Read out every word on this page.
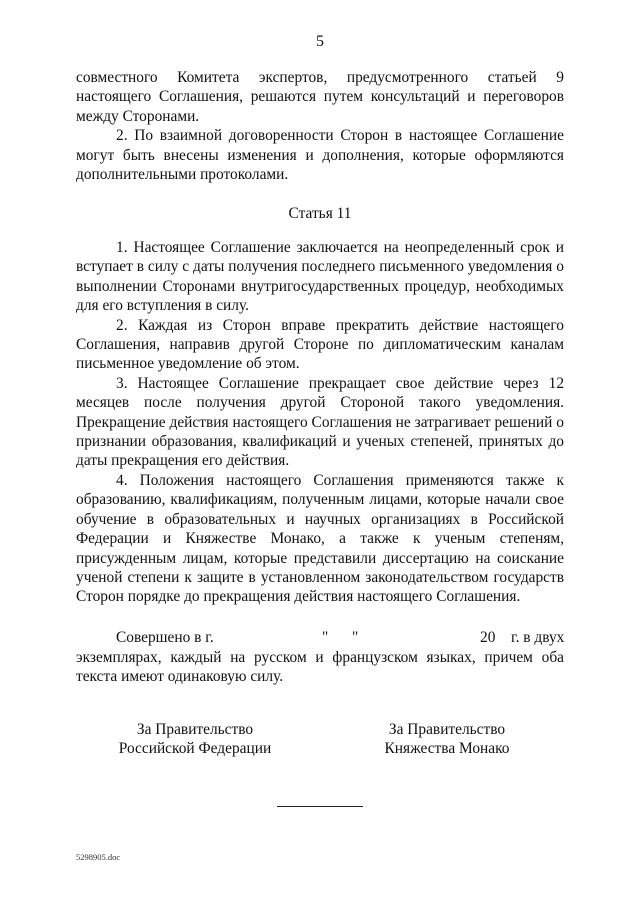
5

совместного Комитета экспертов, предусмотренного статьей 9 настоящего Соглашения, решаются путем консультаций и переговоров между Сторонами.

2. По взаимной договоренности Сторон в настоящее Соглашение могут быть внесены изменения и дополнения, которые оформляются дополнительными протоколами.

Статья 11

1. Настоящее Соглашение заключается на неопределенный срок и вступает в силу с даты получения последнего письменного уведомления о выполнении Сторонами внутригосударственных процедур, необходимых для его вступления в силу.

2. Каждая из Сторон вправе прекратить действие настоящего Соглашения, направив другой Стороне по дипломатическим каналам письменное уведомление об этом.

3. Настоящее Соглашение прекращает свое действие через 12 месяцев после получения другой Стороной такого уведомления. Прекращение действия настоящего Соглашения не затрагивает решений о признании образования, квалификаций и ученых степеней, принятых до даты прекращения его действия.

4. Положения настоящего Соглашения применяются также к образованию, квалификациям, полученным лицами, которые начали свое обучение в образовательных и научных организациях в Российской Федерации и Княжестве Монако, а также к ученым степеням, присужденным лицам, которые представили диссертацию на соискание ученой степени к защите в установленном законодательством государств Сторон порядке до прекращения действия настоящего Соглашения.

Совершено в г.	" "	20 г. в двух

экземплярах, каждый на русском и французском языках, причем оба текста имеют одинаковую силу.

За Правительство
Российской Федерации
За Правительство
Княжества Монако
5298905.doc
